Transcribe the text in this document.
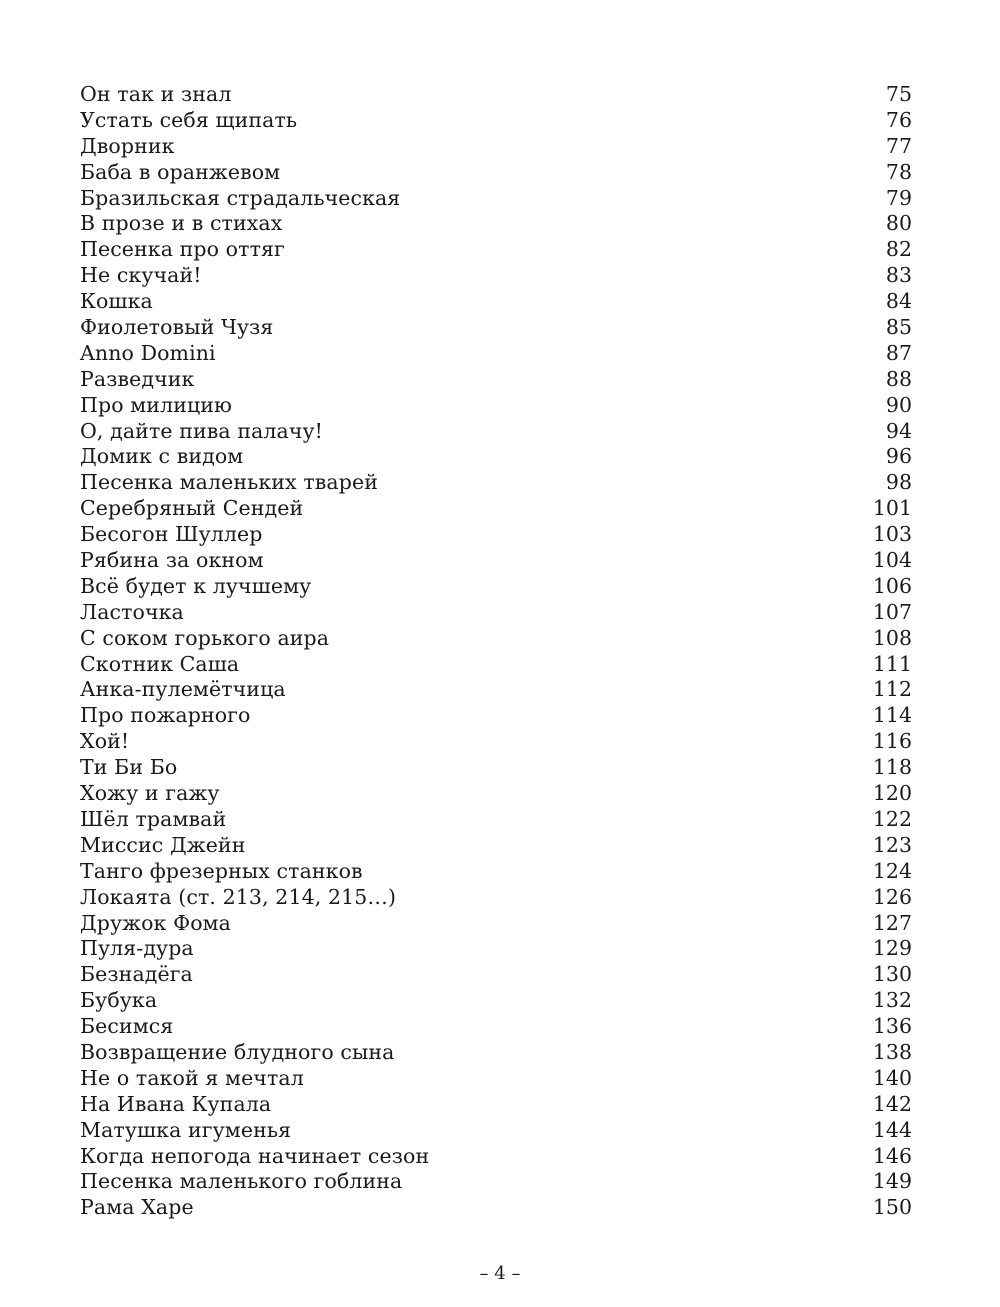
Он так и знал	75
Устать себя щипать	76
Дворник	77
Баба в оранжевом	78
Бразильская страдальческая	79
В прозе и в стихах	80
Песенка про оттяг	82
Не скучай!	83
Кошка	84
Фиолетовый Чузя	85
Anno Domini	87
Разведчик	88
Про милицию	90
О, дайте пива палачу!	94
Домик с видом	96
Песенка маленьких тварей	98
Серебряный Сендей	101
Бесогон Шуллер	103
Рябина за окном	104
Всё будет к лучшему	106
Ласточка	107
С соком горького аира	108
Скотник Саша	111
Анка-пулемётчица	112
Про пожарного	114
Хой!	116
Ти Би Бо	118
Хожу и гажу	120
Шёл трамвай	122
Миссис Джейн	123
Танго фрезерных станков	124
Локаята (ст. 213, 214, 215…)	126
Дружок Фома	127
Пуля-дура	129
Безнадёга	130
Бубука	132
Бесимся	136
Возвращение блудного сына	138
Не о такой я мечтал	140
На Ивана Купала	142
Матушка игуменья	144
Когда непогода начинает сезон	146
Песенка маленького гоблина	149
Рама Харе	150
– 4 –
